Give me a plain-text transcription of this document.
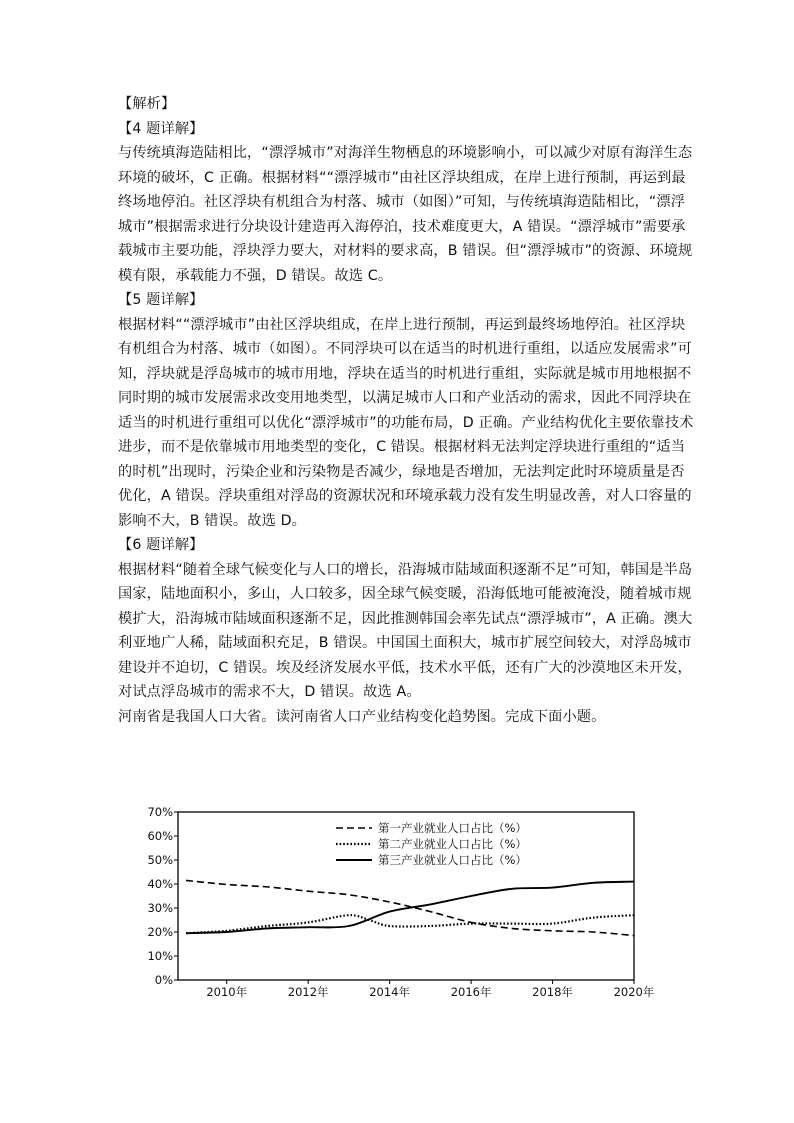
【解析】
【4 题详解】
与传统填海造陆相比，“漂浮城市”对海洋生物栖息的环境影响小，可以减少对原有海洋生态
环境的破坏，C 正确。根据材料““漂浮城市”由社区浮块组成，在岸上进行预制，再运到最
终场地停泊。社区浮块有机组合为村落、城市（如图）”可知，与传统填海造陆相比，“漂浮
城市”根据需求进行分块设计建造再入海停泊，技术难度更大，A 错误。“漂浮城市”需要承
载城市主要功能，浮块浮力要大，对材料的要求高，B 错误。但“漂浮城市”的资源、环境规
模有限，承载能力不强，D 错误。故选 C。
【5 题详解】
根据材料““漂浮城市”由社区浮块组成，在岸上进行预制，再运到最终场地停泊。社区浮块
有机组合为村落、城市（如图）。不同浮块可以在适当的时机进行重组，以适应发展需求”可
知，浮块就是浮岛城市的城市用地，浮块在适当的时机进行重组，实际就是城市用地根据不
同时期的城市发展需求改变用地类型，以满足城市人口和产业活动的需求，因此不同浮块在
适当的时机进行重组可以优化“漂浮城市”的功能布局，D 正确。产业结构优化主要依靠技术
进步，而不是依靠城市用地类型的变化，C 错误。根据材料无法判定浮块进行重组的“适当
的时机”出现时，污染企业和污染物是否减少，绿地是否增加，无法判定此时环境质量是否
优化，A 错误。浮块重组对浮岛的资源状况和环境承载力没有发生明显改善，对人口容量的
影响不大，B 错误。故选 D。
【6 题详解】
根据材料“随着全球气候变化与人口的增长，沿海城市陆域面积逐渐不足”可知，韩国是半岛
国家，陆地面积小，多山，人口较多，因全球气候变暖，沿海低地可能被淹没，随着城市规
模扩大，沿海城市陆域面积逐渐不足，因此推测韩国会率先试点“漂浮城市”，A 正确。澳大
利亚地广人稀，陆域面积充足，B 错误。中国国土面积大，城市扩展空间较大，对浮岛城市
建设并不迫切，C 错误。埃及经济发展水平低，技术水平低，还有广大的沙漠地区未开发，
对试点浮岛城市的需求不大，D 错误。故选 A。
河南省是我国人口大省。读河南省人口产业结构变化趋势图。完成下面小题。
0%
10%
20%
30%
40%
50%
60%
70%
2010年	2012年	2014年	2016年	2018年	2020年
第一产业就业人口占比（%）
第二产业就业人口占比（%）
第三产业就业人口占比（%）
